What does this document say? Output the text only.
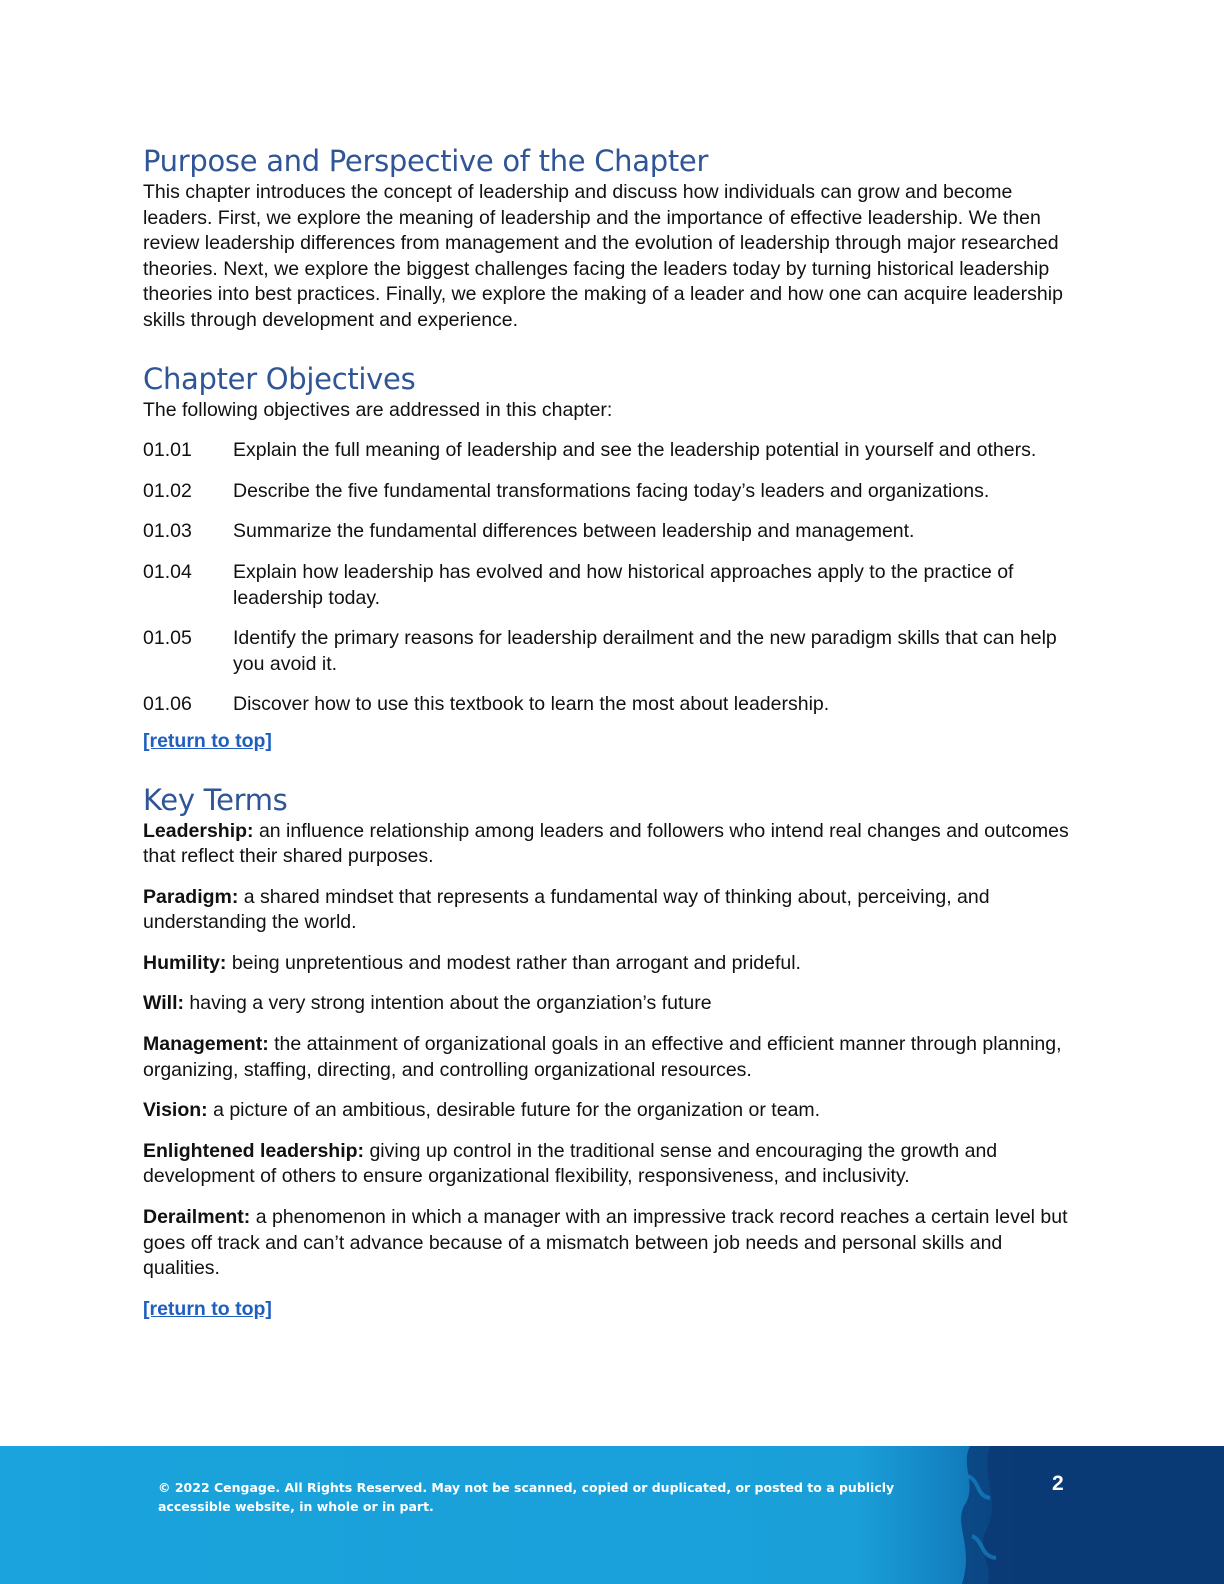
Purpose and Perspective of the Chapter

This chapter introduces the concept of leadership and discuss how individuals can grow and become leaders. First, we explore the meaning of leadership and the importance of effective leadership. We then review leadership differences from management and the evolution of leadership through major researched theories. Next, we explore the biggest challenges facing the leaders today by turning historical leadership theories into best practices. Finally, we explore the making of a leader and how one can acquire leadership skills through development and experience.

Chapter Objectives

The following objectives are addressed in this chapter:

01.01	Explain the full meaning of leadership and see the leadership potential in yourself and others.
01.02	Describe the five fundamental transformations facing today’s leaders and organizations.
01.03	Summarize the fundamental differences between leadership and management.
01.04	Explain how leadership has evolved and how historical approaches apply to the practice of leadership today.
01.05	Identify the primary reasons for leadership derailment and the new paradigm skills that can help you avoid it.
01.06	Discover how to use this textbook to learn the most about leadership.
[return to top]
Key Terms

Leadership: an influence relationship among leaders and followers who intend real changes and outcomes that reflect their shared purposes.

Paradigm: a shared mindset that represents a fundamental way of thinking about, perceiving, and understanding the world.

Humility: being unpretentious and modest rather than arrogant and prideful.

Will: having a very strong intention about the organziation’s future

Management: the attainment of organizational goals in an effective and efficient manner through planning, organizing, staffing, directing, and controlling organizational resources.

Vision: a picture of an ambitious, desirable future for the organization or team.

Enlightened leadership: giving up control in the traditional sense and encouraging the growth and development of others to ensure organizational flexibility, responsiveness, and inclusivity.

Derailment: a phenomenon in which a manager with an impressive track record reaches a certain level but goes off track and can’t advance because of a mismatch between job needs and personal skills and qualities.

[return to top]
© 2022 Cengage. All Rights Reserved. May not be scanned, copied or duplicated, or posted to a publicly accessible website, in whole or in part.
2
